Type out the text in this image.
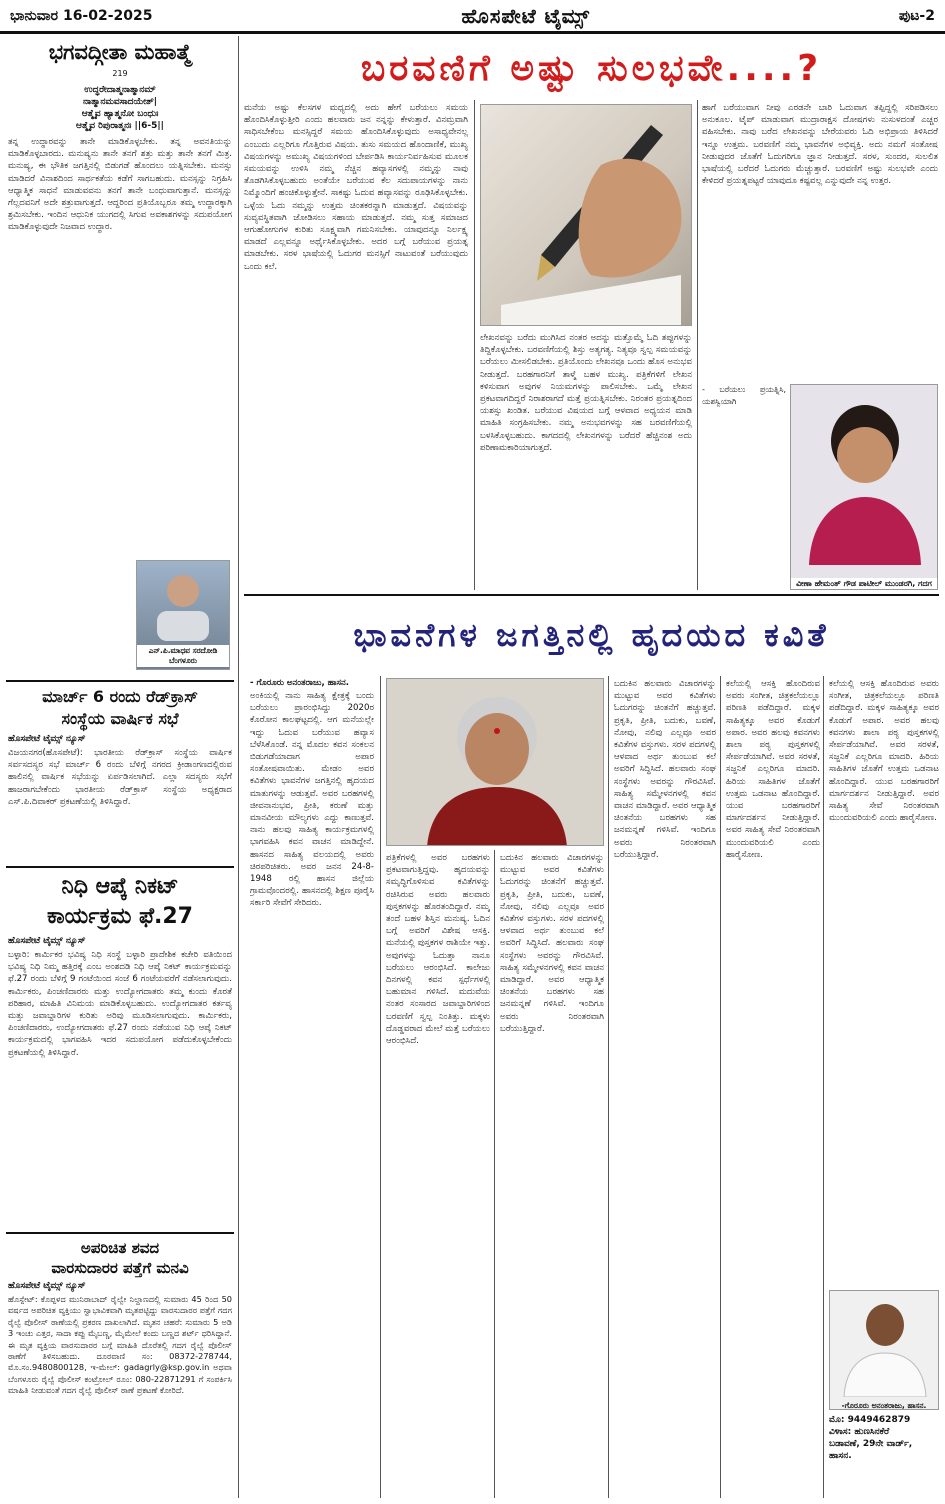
ಭಾನುವಾರ 16-02-2025	ಹೊಸಪೇಟೆ ಟೈಮ್ಸ್	ಪುಟ-2
ಭಗವದ್ಗೀತಾ ಮಹಾತ್ಮೆ
219
ಉದ್ಧರೇದಾತ್ಮನಾತ್ಮಾನಮ್
ನಾತ್ಮಾನಮವಸಾದಯೇತ್|
ಆತ್ಮೈವ ಹ್ಯಾತ್ಮನೋ ಬಂಧುಃ
ಆತ್ಮೈವ ರಿಪುರಾತ್ಮನಃ ||6-5||
ತನ್ನ ಉದ್ಧಾರವನ್ನು ತಾನೇ ಮಾಡಿಕೊಳ್ಳಬೇಕು. ತನ್ನ ಅವನತಿಯನ್ನು ಮಾಡಿಕೊಳ್ಳಬಾರದು. ಮನುಷ್ಯನು ತಾನೇ ತನಗೆ ಶತ್ರು ಮತ್ತು ತಾನೇ ತನಗೆ ಮಿತ್ರ. ಮನುಷ್ಯ, ಈ ಭೌತಿಕ ಜಗತ್ತಿನಲ್ಲಿ ಬಿಡುಗಡೆ ಹೊಂದಲು ಯತ್ನಿಸಬೇಕು. ಮನಸ್ಸು ಮಾಡಿದರೆ ವಿನಾಶದಿಂದ ಸಾರ್ಥಕತೆಯ ಕಡೆಗೆ ಸಾಗಬಹುದು. ಮನಸ್ಸನ್ನು ನಿಗ್ರಹಿಸಿ ಆಧ್ಯಾತ್ಮಿಕ ಸಾಧನೆ ಮಾಡುವವನು ತನಗೆ ತಾನೇ ಬಂಧುವಾಗುತ್ತಾನೆ. ಮನಸ್ಸನ್ನು ಗೆಲ್ಲದವನಿಗೆ ಅದೇ ಶತ್ರುವಾಗುತ್ತದೆ. ಆದ್ದರಿಂದ ಪ್ರತಿಯೊಬ್ಬರೂ ತಮ್ಮ ಉದ್ಧಾರಕ್ಕಾಗಿ ಶ್ರಮಿಸಬೇಕು. ಇಂದಿನ ಆಧುನಿಕ ಯುಗದಲ್ಲಿ ಸಿಗುವ ಅವಕಾಶಗಳನ್ನು ಸದುಪಯೋಗ ಮಾಡಿಕೊಳ್ಳುವುದೇ ನಿಜವಾದ ಉದ್ಧಾರ.
ಎನ್.ಪಿ.ಮಾಧವ ಸರದೋಡಿ ಬೆಂಗಳೂರು
ಮಾರ್ಚ್ 6 ರಂದು ರೆಡ್‌ಕ್ರಾಸ್
ಸಂಸ್ಥೆಯ ವಾರ್ಷಿಕ ಸಭೆ
ಹೊಸಪೇಟೆ ಟೈಮ್ಸ್ ನ್ಯೂಸ್
ವಿಜಯನಗರ(ಹೊಸಪೇಟೆ): ಭಾರತೀಯ ರೆಡ್‌ಕ್ರಾಸ್ ಸಂಸ್ಥೆಯ ವಾರ್ಷಿಕ ಸರ್ವಸದಸ್ಯರ ಸಭೆ ಮಾರ್ಚ್ 6 ರಂದು ಬೆಳಿಗ್ಗೆ ನಗರದ ಕ್ರೀಡಾಂಗಣದಲ್ಲಿರುವ ಹಾಲಿನಲ್ಲಿ ವಾರ್ಷಿಕ ಸಭೆಯನ್ನು ಏರ್ಪಡಿಸಲಾಗಿದೆ. ಎಲ್ಲಾ ಸದಸ್ಯರು ಸಭೆಗೆ ಹಾಜರಾಗಬೇಕೆಂದು ಭಾರತೀಯ ರೆಡ್‌ಕ್ರಾಸ್ ಸಂಸ್ಥೆಯ ಅಧ್ಯಕ್ಷರಾದ ಎಸ್.ಪಿ.ದಿವಾಕರ್ ಪ್ರಕಟಣೆಯಲ್ಲಿ ತಿಳಿಸಿದ್ದಾರೆ.
ನಿಧಿ ಆಪ್ಕೆ ನಿಕಟ್
ಕಾರ್ಯಕ್ರಮ ಫೆ.27
ಹೊಸಪೇಟೆ ಟೈಮ್ಸ್ ನ್ಯೂಸ್
ಬಳ್ಳಾರಿ: ಕಾರ್ಮಿಕರ ಭವಿಷ್ಯ ನಿಧಿ ಸಂಸ್ಥೆ ಬಳ್ಳಾರಿ ಪ್ರಾದೇಶಿಕ ಕಚೇರಿ ವತಿಯಿಂದ ಭವಿಷ್ಯ ನಿಧಿ ನಿಮ್ಮ ಹತ್ತಿರಕ್ಕೆ ಎಂಬ ಅಂಶದಡಿ ನಿಧಿ ಆಪ್ಕೆ ನಿಕಟ್ ಕಾರ್ಯಕ್ರಮವನ್ನು ಫೆ.27 ರಂದು ಬೆಳಿಗ್ಗೆ 9 ಗಂಟೆಯಿಂದ ಸಂಜೆ 6 ಗಂಟೆಯವರೆಗೆ ನಡೆಸಲಾಗುವುದು. ಕಾರ್ಮಿಕರು, ಪಿಂಚಣಿದಾರರು ಮತ್ತು ಉದ್ಯೋಗದಾತರು ತಮ್ಮ ಕುಂದು ಕೊರತೆ ಪರಿಹಾರ, ಮಾಹಿತಿ ವಿನಿಮಯ ಮಾಡಿಕೊಳ್ಳಬಹುದು. ಉದ್ಯೋಗದಾತರ ಕರ್ತವ್ಯ ಮತ್ತು ಜವಾಬ್ದಾರಿಗಳ ಕುರಿತು ಅರಿವು ಮೂಡಿಸಲಾಗುವುದು. ಕಾರ್ಮಿಕರು, ಪಿಂಚಣಿದಾರರು, ಉದ್ಯೋಗದಾತರು ಫೆ.27 ರಂದು ನಡೆಯುವ ನಿಧಿ ಆಪ್ಕೆ ನಿಕಟ್ ಕಾರ್ಯಕ್ರಮದಲ್ಲಿ ಭಾಗವಹಿಸಿ ಇದರ ಸದುಪಯೋಗ ಪಡೆದುಕೊಳ್ಳಬೇಕೆಂದು ಪ್ರಕಟಣೆಯಲ್ಲಿ ತಿಳಿಸಿದ್ದಾರೆ.
ಅಪರಿಚಿತ ಶವದ
ವಾರಸುದಾರರ ಪತ್ತೆಗೆ ಮನವಿ
ಹೊಸಪೇಟೆ ಟೈಮ್ಸ್ ನ್ಯೂಸ್
ಹೊಸ್ಪೇಟ್: ಕೊಪ್ಪಳದ ಮುನಿರಾಬಾದ್ ರೈಲ್ವೇ ನಿಲ್ದಾಣದಲ್ಲಿ ಸುಮಾರು 45 ರಿಂದ 50 ವರ್ಷದ ಅಪರಿಚಿತ ವ್ಯಕ್ತಿಯು ಸ್ವಾಭಾವಿಕವಾಗಿ ಮೃತಪಟ್ಟಿದ್ದು ವಾರಸುದಾರರ ಪತ್ತೆಗೆ ಗದಗ ರೈಲ್ವೆ ಪೊಲೀಸ್ ಠಾಣೆಯಲ್ಲಿ ಪ್ರಕರಣ ದಾಖಲಾಗಿದೆ. ಮೃತನ ಚಹರೆ: ಸುಮಾರು 5 ಅಡಿ 3 ಇಂಚು ಎತ್ತರ, ಸಾದಾ ಕಪ್ಪು ಮೈಬಣ್ಣ, ಮೈಮೇಲೆ ಕಂದು ಬಣ್ಣದ ಶರ್ಟ್ ಧರಿಸಿದ್ದಾನೆ. ಈ ಮೃತ ವ್ಯಕ್ತಿಯ ವಾರಸುದಾರರ ಬಗ್ಗೆ ಮಾಹಿತಿ ದೊರೆತಲ್ಲಿ ಗದಗ ರೈಲ್ವೆ ಪೊಲೀಸ್ ಠಾಣೆಗೆ ತಿಳಿಸಬಹುದು. ದೂರವಾಣಿ ಸಂ: 08372-278744, ಮೊ.ಸಂ.9480800128, ಇ-ಮೇಲ್: gadagrly@ksp.gov.in ಅಥವಾ ಬೆಂಗಳೂರು ರೈಲ್ವೆ ಪೊಲೀಸ್ ಕಂಟ್ರೋಲ್ ರೂಂ: 080-22871291 ಗೆ ಸಂಪರ್ಕಿಸಿ ಮಾಹಿತಿ ನೀಡುವಂತೆ ಗದಗ ರೈಲ್ವೆ ಪೊಲೀಸ್ ಠಾಣೆ ಪ್ರಕಟಣೆ ಕೋರಿದೆ.
ಬರವಣಿಗೆ ಅಷ್ಟು ಸುಲಭವೇ....?
ಮನೆಯ ಅಷ್ಟು ಕೆಲಸಗಳ ಮಧ್ಯದಲ್ಲಿ ಅದು ಹೇಗೆ ಬರೆಯಲು ಸಮಯ ಹೊಂದಿಸಿಕೊಳ್ಳುತ್ತೀರಿ ಎಂದು ಹಲವಾರು ಜನ ನನ್ನನ್ನು ಕೇಳುತ್ತಾರೆ. ವಿನಮ್ರವಾಗಿ ಸಾಧಿಸಬೇಕೆಂಬ ಮನಸ್ಸಿದ್ದರೆ ಸಮಯ ಹೊಂದಿಸಿಕೊಳ್ಳುವುದು ಅಸಾಧ್ಯವೇನಲ್ಲ ಎಂಬುದು ಎಲ್ಲರಿಗೂ ಗೊತ್ತಿರುವ ವಿಷಯ. ತುಸು ಸಮಯದ ಹೊಂದಾಣಿಕೆ, ಮುಖ್ಯ ವಿಷಯಗಳನ್ನು ಅಮುಖ್ಯ ವಿಷಯಗಳಿಂದ ಬೇರ್ಪಡಿಸಿ ಕಾರ್ಯನಿರ್ವಹಿಸುವ ಮೂಲಕ ಸಮಯವನ್ನು ಉಳಿಸಿ ನಮ್ಮ ನೆಚ್ಚಿನ ಹವ್ಯಾಸಗಳಲ್ಲಿ ನಮ್ಮನ್ನು ನಾವು ತೊಡಗಿಸಿಕೊಳ್ಳಬಹುದು ಅಂತೆಯೇ ಬರೆಯುವ ಕೆಲ ಸದುಪಾಯಗಳನ್ನು ನಾನು ನಿಮ್ಮೊಂದಿಗೆ ಹಂಚಿಕೊಳ್ಳುತ್ತೇನೆ. ಸಾಕಷ್ಟು ಓದುವ ಹವ್ಯಾಸವನ್ನು ರೂಢಿಸಿಕೊಳ್ಳಬೇಕು. ಒಳ್ಳೆಯ ಓದು ನಮ್ಮನ್ನು ಉತ್ತಮ ಚಿಂತಕರನ್ನಾಗಿ ಮಾಡುತ್ತದೆ. ವಿಷಯವನ್ನು ಸುವ್ಯವಸ್ಥಿತವಾಗಿ ಜೋಡಿಸಲು ಸಹಾಯ ಮಾಡುತ್ತದೆ. ನಮ್ಮ ಸುತ್ತ ಸಮಾಜದ ಆಗುಹೋಗುಗಳ ಕುರಿತು ಸೂಕ್ಷ್ಮವಾಗಿ ಗಮನಿಸಬೇಕು. ಯಾವುದನ್ನೂ ನಿರ್ಲಕ್ಷ್ಯ ಮಾಡದೆ ಎಲ್ಲವನ್ನೂ ಅರ್ಥೈಸಿಕೊಳ್ಳಬೇಕು. ಅದರ ಬಗ್ಗೆ ಬರೆಯುವ ಪ್ರಯತ್ನ ಮಾಡಬೇಕು. ಸರಳ ಭಾಷೆಯಲ್ಲಿ ಓದುಗರ ಮನಸ್ಸಿಗೆ ನಾಟುವಂತೆ ಬರೆಯುವುದು ಒಂದು ಕಲೆ.
ಲೇಖನವನ್ನು ಬರೆದು ಮುಗಿಸಿದ ನಂತರ ಅದನ್ನು ಮತ್ತೊಮ್ಮೆ ಓದಿ ತಪ್ಪುಗಳನ್ನು ತಿದ್ದಿಕೊಳ್ಳಬೇಕು. ಬರವಣಿಗೆಯಲ್ಲಿ ಶಿಸ್ತು ಅತ್ಯಗತ್ಯ. ನಿತ್ಯವೂ ಸ್ವಲ್ಪ ಸಮಯವನ್ನು ಬರೆಯಲು ಮೀಸಲಿಡಬೇಕು. ಪ್ರತಿಯೊಂದು ಲೇಖನವೂ ಒಂದು ಹೊಸ ಅನುಭವ ನೀಡುತ್ತದೆ. ಬರಹಗಾರನಿಗೆ ತಾಳ್ಮೆ ಬಹಳ ಮುಖ್ಯ. ಪತ್ರಿಕೆಗಳಿಗೆ ಲೇಖನ ಕಳಿಸುವಾಗ ಅವುಗಳ ನಿಯಮಗಳನ್ನು ಪಾಲಿಸಬೇಕು. ಒಮ್ಮೆ ಲೇಖನ ಪ್ರಕಟವಾಗದಿದ್ದರೆ ನಿರಾಶರಾಗದೆ ಮತ್ತೆ ಪ್ರಯತ್ನಿಸಬೇಕು. ನಿರಂತರ ಪ್ರಯತ್ನದಿಂದ ಯಶಸ್ಸು ಖಂಡಿತ. ಬರೆಯುವ ವಿಷಯದ ಬಗ್ಗೆ ಆಳವಾದ ಅಧ್ಯಯನ ಮಾಡಿ ಮಾಹಿತಿ ಸಂಗ್ರಹಿಸಬೇಕು. ನಮ್ಮ ಅನುಭವಗಳನ್ನು ಸಹ ಬರವಣಿಗೆಯಲ್ಲಿ ಬಳಸಿಕೊಳ್ಳಬಹುದು. ಕಾಗದದಲ್ಲಿ ಲೇಖನಗಳನ್ನು ಬರೆದರೆ ಹೆಚ್ಚಿನಂಶ ಅದು ಪರಿಣಾಮಕಾರಿಯಾಗುತ್ತದೆ.
ಹಾಗೆ ಬರೆಯುವಾಗ ನೀವು ಎರಡನೇ ಬಾರಿ ಓದುವಾಗ ತಪ್ಪಿದ್ದಲ್ಲಿ ಸರಿಪಡಿಸಲು ಅನುಕೂಲ. ಟೈಪ್ ಮಾಡುವಾಗ ಮುದ್ರಾರಾಕ್ಷಸ ದೋಷಗಳು ನುಸುಳದಂತೆ ಎಚ್ಚರ ವಹಿಸಬೇಕು. ನಾವು ಬರೆದ ಲೇಖನವನ್ನು ಬೇರೆಯವರು ಓದಿ ಅಭಿಪ್ರಾಯ ತಿಳಿಸಿದರೆ ಇನ್ನೂ ಉತ್ತಮ. ಬರವಣಿಗೆ ನಮ್ಮ ಭಾವನೆಗಳ ಅಭಿವ್ಯಕ್ತಿ. ಅದು ನಮಗೆ ಸಂತೋಷ ನೀಡುವುದರ ಜೊತೆಗೆ ಓದುಗರಿಗೂ ಜ್ಞಾನ ನೀಡುತ್ತದೆ. ಸರಳ, ಸುಂದರ, ಸುಲಲಿತ ಭಾಷೆಯಲ್ಲಿ ಬರೆದರೆ ಓದುಗರು ಮೆಚ್ಚುತ್ತಾರೆ. ಬರವಣಿಗೆ ಅಷ್ಟು ಸುಲಭವೇ ಎಂದು ಕೇಳಿದರೆ ಪ್ರಯತ್ನಪಟ್ಟರೆ ಯಾವುದೂ ಕಷ್ಟವಲ್ಲ ಎನ್ನುವುದೇ ನನ್ನ ಉತ್ತರ.
ವೀಣಾ ಹೇಮಂತ್ ಗೌಡ ಪಾಟೀಲ್ ಮುಂಡರಗಿ, ಗದಗ
- ಬರೆಯಲು ಪ್ರಯತ್ನಿಸಿ, ಯಶಸ್ವಿಯಾಗಿ
ಭಾವನೆಗಳ ಜಗತ್ತಿನಲ್ಲಿ ಹೃದಯದ ಕವಿತೆ
- ಗೊರೂರು ಅನಂತರಾಜು, ಹಾಸನ.
ಅಂಕಿಯಲ್ಲಿ ನಾನು ಸಾಹಿತ್ಯ ಕ್ಷೇತ್ರಕ್ಕೆ ಬಂದು ಬರೆಯಲು ಪ್ರಾರಂಭಿಸಿದ್ದು 2020ರ ಕೊರೋನ ಕಾಲಘಟ್ಟದಲ್ಲಿ. ಆಗ ಮನೆಯಲ್ಲೇ ಇದ್ದು ಓದುವ ಬರೆಯುವ ಹವ್ಯಾಸ ಬೆಳೆಸಿಕೊಂಡೆ. ನನ್ನ ಮೊದಲ ಕವನ ಸಂಕಲನ ಬಿಡುಗಡೆಯಾದಾಗ ಅಪಾರ ಸಂತೋಷವಾಯಿತು. ಮೇಡಂ ಅವರ ಕವಿತೆಗಳು ಭಾವನೆಗಳ ಜಗತ್ತಿನಲ್ಲಿ ಹೃದಯದ ಮಾತುಗಳನ್ನು ಆಡುತ್ತವೆ. ಅವರ ಬರಹಗಳಲ್ಲಿ ಜೀವನಾನುಭವ, ಪ್ರೀತಿ, ಕರುಣೆ ಮತ್ತು ಮಾನವೀಯ ಮೌಲ್ಯಗಳು ಎದ್ದು ಕಾಣುತ್ತವೆ. ನಾನು ಹಲವು ಸಾಹಿತ್ಯ ಕಾರ್ಯಕ್ರಮಗಳಲ್ಲಿ ಭಾಗವಹಿಸಿ ಕವನ ವಾಚನ ಮಾಡಿದ್ದೇನೆ. ಹಾಸನದ ಸಾಹಿತ್ಯ ವಲಯದಲ್ಲಿ ಅವರು ಚಿರಪರಿಚಿತರು. ಅವರ ಜನನ 24-8-1948 ರಲ್ಲಿ ಹಾಸನ ಜಿಲ್ಲೆಯ ಗ್ರಾಮವೊಂದರಲ್ಲಿ. ಹಾಸನದಲ್ಲಿ ಶಿಕ್ಷಣ ಪೂರೈಸಿ ಸರ್ಕಾರಿ ಸೇವೆಗೆ ಸೇರಿದರು.
ಪತ್ರಿಕೆಗಳಲ್ಲಿ ಅವರ ಬರಹಗಳು ಪ್ರಕಟವಾಗುತ್ತಿದ್ದವು. ಹೃದಯವನ್ನು ಸಮೃದ್ಧಿಗೊಳಿಸುವ ಕವಿತೆಗಳನ್ನು ರಚಿಸಿರುವ ಅವರು ಹಲವಾರು ಪುಸ್ತಕಗಳನ್ನು ಹೊರತಂದಿದ್ದಾರೆ. ನಮ್ಮ ತಂದೆ ಬಹಳ ಶಿಸ್ತಿನ ಮನುಷ್ಯ. ಓದಿನ ಬಗ್ಗೆ ಅವರಿಗೆ ವಿಶೇಷ ಆಸಕ್ತಿ. ಮನೆಯಲ್ಲಿ ಪುಸ್ತಕಗಳ ರಾಶಿಯೇ ಇತ್ತು. ಅವುಗಳನ್ನು ಓದುತ್ತಾ ನಾನೂ ಬರೆಯಲು ಆರಂಭಿಸಿದೆ. ಕಾಲೇಜು ದಿನಗಳಲ್ಲಿ ಕವನ ಸ್ಪರ್ಧೆಗಳಲ್ಲಿ ಬಹುಮಾನ ಗಳಿಸಿದೆ. ಮದುವೆಯ ನಂತರ ಸಂಸಾರದ ಜವಾಬ್ದಾರಿಗಳಿಂದ ಬರವಣಿಗೆ ಸ್ವಲ್ಪ ನಿಂತಿತ್ತು. ಮಕ್ಕಳು ದೊಡ್ಡವರಾದ ಮೇಲೆ ಮತ್ತೆ ಬರೆಯಲು ಆರಂಭಿಸಿದೆ.
ಬದುಕಿನ ಹಲವಾರು ವಿಚಾರಗಳನ್ನು ಮುಟ್ಟುವ ಅವರ ಕವಿತೆಗಳು ಓದುಗರನ್ನು ಚಿಂತನೆಗೆ ಹಚ್ಚುತ್ತವೆ. ಪ್ರಕೃತಿ, ಪ್ರೀತಿ, ಬದುಕು, ಬವಣೆ, ನೋವು, ನಲಿವು ಎಲ್ಲವೂ ಅವರ ಕವಿತೆಗಳ ವಸ್ತುಗಳು. ಸರಳ ಪದಗಳಲ್ಲಿ ಆಳವಾದ ಅರ್ಥ ತುಂಬುವ ಕಲೆ ಅವರಿಗೆ ಸಿದ್ಧಿಸಿದೆ. ಹಲವಾರು ಸಂಘ ಸಂಸ್ಥೆಗಳು ಅವರನ್ನು ಗೌರವಿಸಿವೆ. ಸಾಹಿತ್ಯ ಸಮ್ಮೇಳನಗಳಲ್ಲಿ ಕವನ ವಾಚನ ಮಾಡಿದ್ದಾರೆ. ಅವರ ಆಧ್ಯಾತ್ಮಿಕ ಚಿಂತನೆಯ ಬರಹಗಳು ಸಹ ಜನಮನ್ನಣೆ ಗಳಿಸಿವೆ. ಇಂದಿಗೂ ಅವರು ನಿರಂತರವಾಗಿ ಬರೆಯುತ್ತಿದ್ದಾರೆ.
ಬದುಕಿನ ಹಲವಾರು ವಿಚಾರಗಳನ್ನು ಮುಟ್ಟುವ ಅವರ ಕವಿತೆಗಳು ಓದುಗರನ್ನು ಚಿಂತನೆಗೆ ಹಚ್ಚುತ್ತವೆ. ಪ್ರಕೃತಿ, ಪ್ರೀತಿ, ಬದುಕು, ಬವಣೆ, ನೋವು, ನಲಿವು ಎಲ್ಲವೂ ಅವರ ಕವಿತೆಗಳ ವಸ್ತುಗಳು. ಸರಳ ಪದಗಳಲ್ಲಿ ಆಳವಾದ ಅರ್ಥ ತುಂಬುವ ಕಲೆ ಅವರಿಗೆ ಸಿದ್ಧಿಸಿದೆ. ಹಲವಾರು ಸಂಘ ಸಂಸ್ಥೆಗಳು ಅವರನ್ನು ಗೌರವಿಸಿವೆ. ಸಾಹಿತ್ಯ ಸಮ್ಮೇಳನಗಳಲ್ಲಿ ಕವನ ವಾಚನ ಮಾಡಿದ್ದಾರೆ. ಅವರ ಆಧ್ಯಾತ್ಮಿಕ ಚಿಂತನೆಯ ಬರಹಗಳು ಸಹ ಜನಮನ್ನಣೆ ಗಳಿಸಿವೆ. ಇಂದಿಗೂ ಅವರು ನಿರಂತರವಾಗಿ ಬರೆಯುತ್ತಿದ್ದಾರೆ.
ಕಲೆಯಲ್ಲಿ ಆಸಕ್ತಿ ಹೊಂದಿರುವ ಅವರು ಸಂಗೀತ, ಚಿತ್ರಕಲೆಯಲ್ಲೂ ಪರಿಣತಿ ಪಡೆದಿದ್ದಾರೆ. ಮಕ್ಕಳ ಸಾಹಿತ್ಯಕ್ಕೂ ಅವರ ಕೊಡುಗೆ ಅಪಾರ. ಅವರ ಹಲವು ಕವನಗಳು ಶಾಲಾ ಪಠ್ಯ ಪುಸ್ತಕಗಳಲ್ಲಿ ಸೇರ್ಪಡೆಯಾಗಿವೆ. ಅವರ ಸರಳತೆ, ಸಜ್ಜನಿಕೆ ಎಲ್ಲರಿಗೂ ಮಾದರಿ. ಹಿರಿಯ ಸಾಹಿತಿಗಳ ಜೊತೆಗೆ ಉತ್ತಮ ಒಡನಾಟ ಹೊಂದಿದ್ದಾರೆ. ಯುವ ಬರಹಗಾರರಿಗೆ ಮಾರ್ಗದರ್ಶನ ನೀಡುತ್ತಿದ್ದಾರೆ. ಅವರ ಸಾಹಿತ್ಯ ಸೇವೆ ನಿರಂತರವಾಗಿ ಮುಂದುವರಿಯಲಿ ಎಂದು ಹಾರೈಸೋಣ.
ಕಲೆಯಲ್ಲಿ ಆಸಕ್ತಿ ಹೊಂದಿರುವ ಅವರು ಸಂಗೀತ, ಚಿತ್ರಕಲೆಯಲ್ಲೂ ಪರಿಣತಿ ಪಡೆದಿದ್ದಾರೆ. ಮಕ್ಕಳ ಸಾಹಿತ್ಯಕ್ಕೂ ಅವರ ಕೊಡುಗೆ ಅಪಾರ. ಅವರ ಹಲವು ಕವನಗಳು ಶಾಲಾ ಪಠ್ಯ ಪುಸ್ತಕಗಳಲ್ಲಿ ಸೇರ್ಪಡೆಯಾಗಿವೆ. ಅವರ ಸರಳತೆ, ಸಜ್ಜನಿಕೆ ಎಲ್ಲರಿಗೂ ಮಾದರಿ. ಹಿರಿಯ ಸಾಹಿತಿಗಳ ಜೊತೆಗೆ ಉತ್ತಮ ಒಡನಾಟ ಹೊಂದಿದ್ದಾರೆ. ಯುವ ಬರಹಗಾರರಿಗೆ ಮಾರ್ಗದರ್ಶನ ನೀಡುತ್ತಿದ್ದಾರೆ. ಅವರ ಸಾಹಿತ್ಯ ಸೇವೆ ನಿರಂತರವಾಗಿ ಮುಂದುವರಿಯಲಿ ಎಂದು ಹಾರೈಸೋಣ.
-ಗೊರೂರು ಅನಂತರಾಜು, ಹಾಸನ.
ಮೊ: 9449462879
ವಿಳಾಸ: ಹುಣಸಿನಕೆರೆ
ಬಡಾವಣೆ, 29ನೇ ವಾರ್ಡ್,
ಹಾಸನ.
